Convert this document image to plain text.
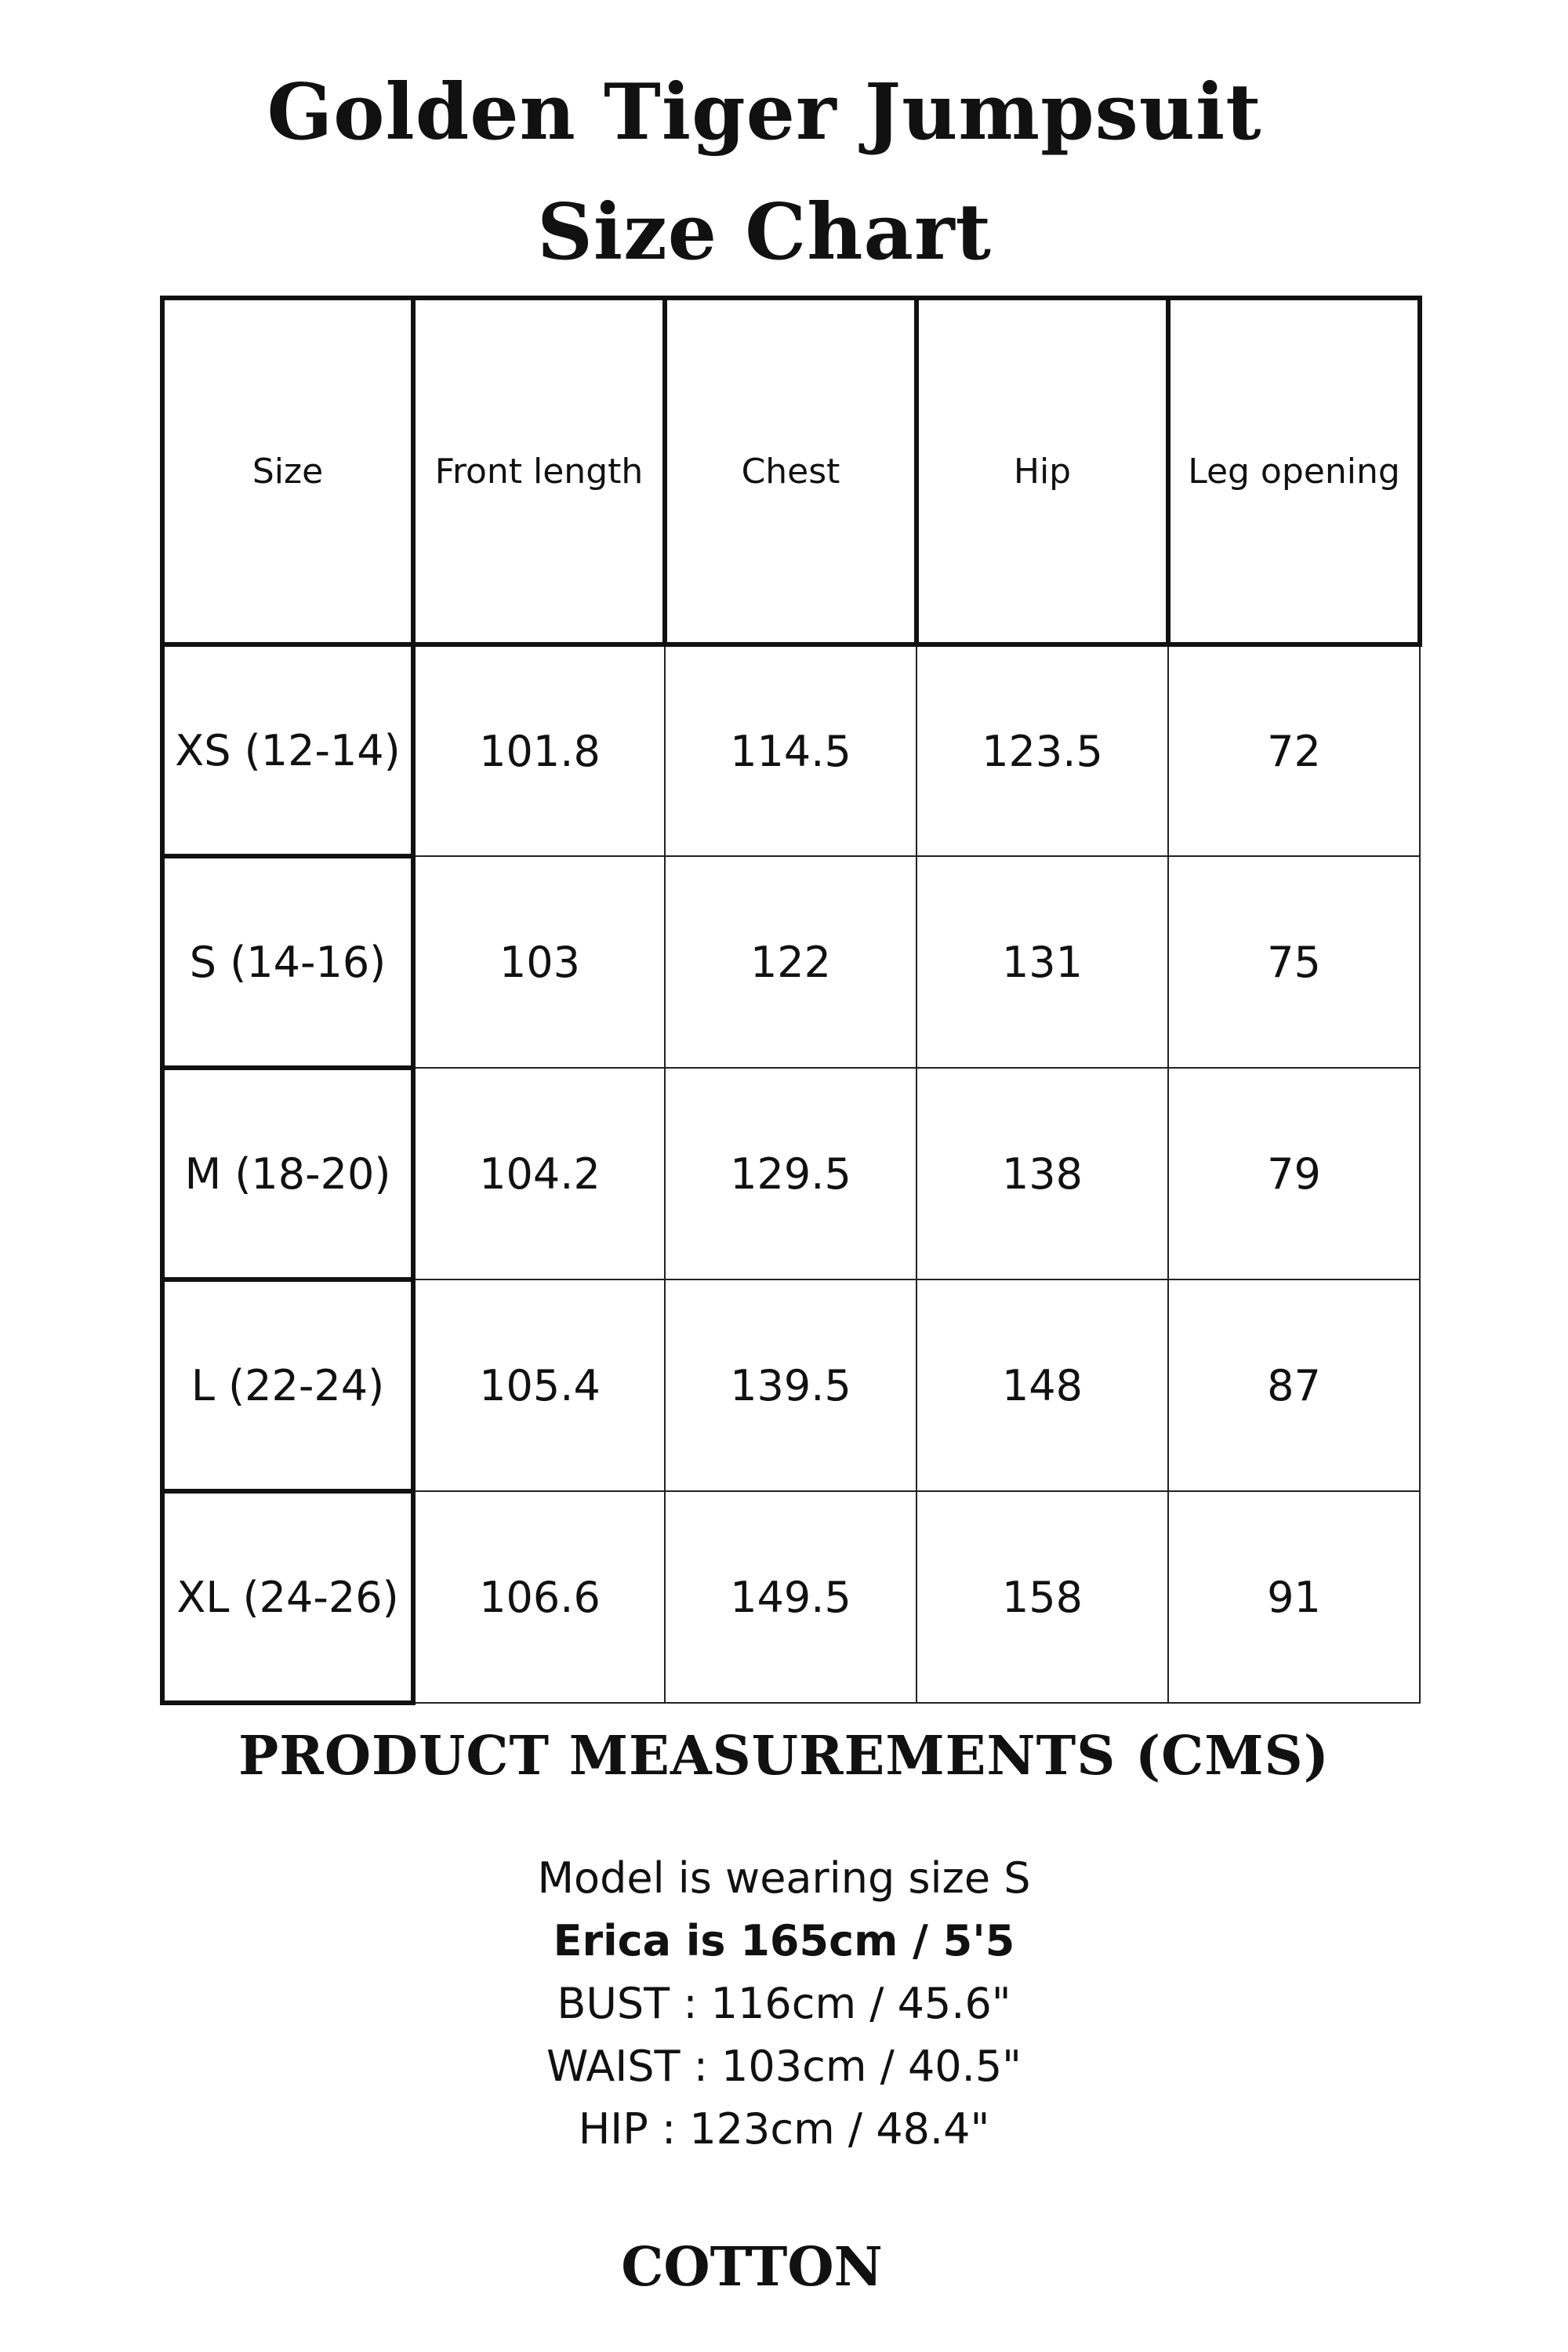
Golden Tiger Jumpsuit
Size Chart
Size	Front length	Chest	Hip	Leg opening
XS (12-14)	101.8	114.5	123.5	72
S (14-16)	103	122	131	75
M (18-20)	104.2	129.5	138	79
L (22-24)	105.4	139.5	148	87
XL (24-26)	106.6	149.5	158	91
PRODUCT MEASUREMENTS (CMS)
Model is wearing size S
Erica is 165cm / 5'5
BUST : 116cm / 45.6"
WAIST : 103cm / 40.5"
HIP : 123cm / 48.4"
COTTON
